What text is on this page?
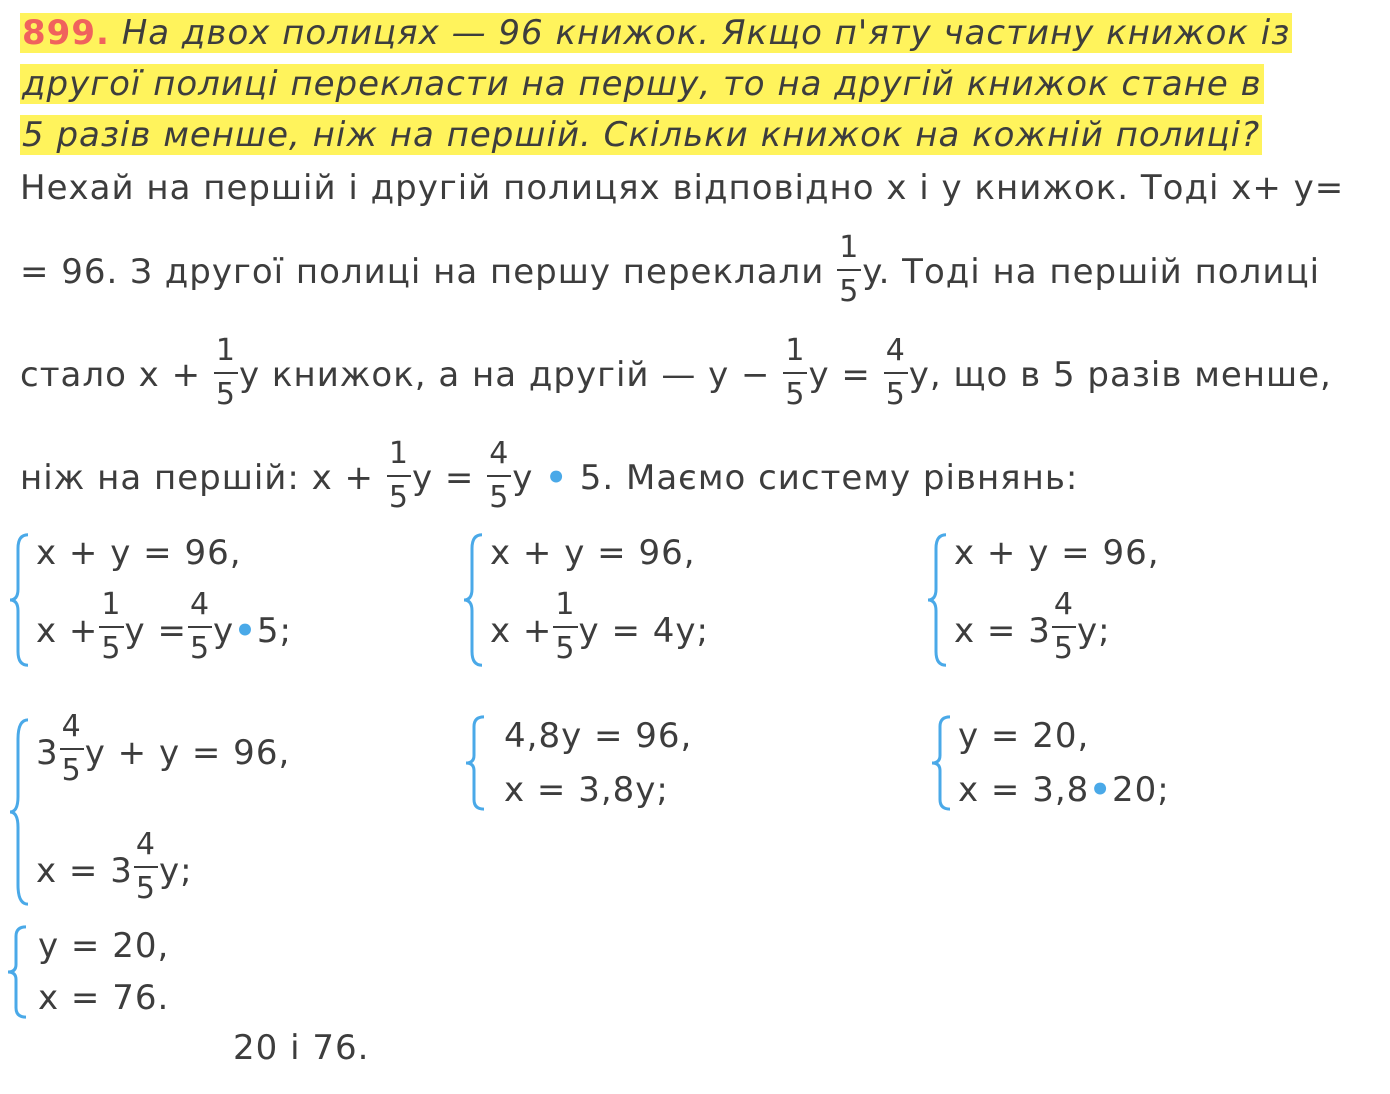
899. На двох полицях — 96 книжок. Якщо п'яту частину книжок із
другої полиці перекласти на першу, то на другій книжок стане в
5 разів менше, ніж на першій. Скільки книжок на кожній полиці?
Нехай на першій і другій полицях відповідно x і y книжок. Тоді x+ y=
= 96. З другої полиці на першу переклали $\frac{1}{5} y$. Тоді на першій полиці
стало $x + \frac{1}{5}$ y книжок, а на другій — $y - \frac{1}{5}$ $y = \frac{4}{5} y$, що в 5 разів менше,
ніж на першій: $x + \frac{1}{5}$ $y = \frac{4}{5}$ y • 5. Маємо систему рівнянь:
x + y = 96,
$x + \frac{1}{5}$ $y = \frac{4}{5}$ y • 5;
x + y = 96,
$x + \frac{1}{5}$ y = 4y;
x + y = 96,
$x = 3 \frac{4}{5} y$;
$3 \frac{4}{5}$ y + y = 96,
$x = 3 \frac{4}{5} y$;
4,8y = 96,
x = 3,8y;
y = 20,
x = 3,8 • 20;
y = 20,
x = 76.
20 і 76.
